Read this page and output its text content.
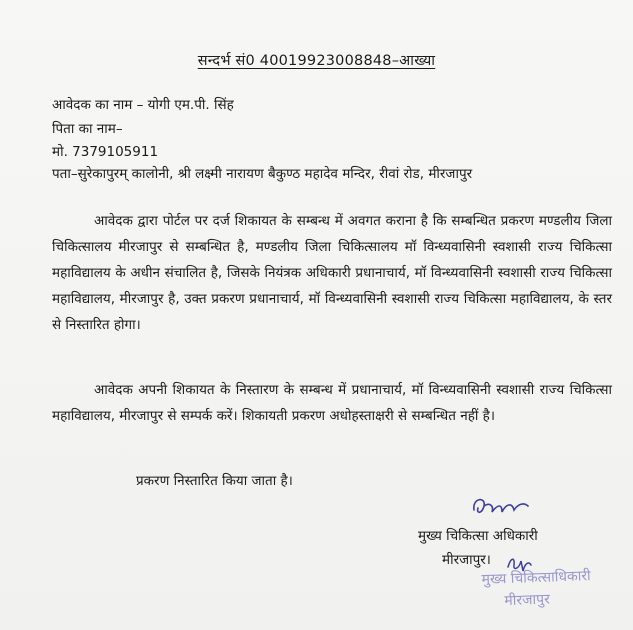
सन्दर्भ सं0 40019923008848–आख्या
आवेदक का नाम – योगी एम.पी. सिंह
पिता का नाम–
मो. 7379105911
पता–सुरेकापुरम् कालोनी, श्री लक्ष्मी नारायण बैकुण्ठ महादेव मन्दिर, रीवां रोड, मीरजापुर
आवेदक द्वारा पोर्टल पर दर्ज शिकायत के सम्बन्ध में अवगत कराना है कि सम्बन्धित प्रकरण मण्डलीय जिला चिकित्सालय मीरजापुर से सम्बन्धित है, मण्डलीय जिला चिकित्सालय मॉ विन्ध्यवासिनी स्वशासी राज्य चिकित्सा महाविद्यालय के अधीन संचालित है, जिसके नियंत्रक अधिकारी प्रधानाचार्य, मॉ विन्ध्यवासिनी स्वशासी राज्य चिकित्सा महाविद्यालय, मीरजापुर है, उक्त प्रकरण प्रधानाचार्य, मॉ विन्ध्यवासिनी स्वशासी राज्य चिकित्सा महाविद्यालय, के स्तर से निस्तारित होगा।
आवेदक अपनी शिकायत के निस्तारण के सम्बन्ध में प्रधानाचार्य, मॉ विन्ध्यवासिनी स्वशासी राज्य चिकित्सा महाविद्यालय, मीरजापुर से सम्पर्क करें। शिकायती प्रकरण अधोहस्ताक्षरी से सम्बन्धित नहीं है।
प्रकरण निस्तारित किया जाता है।
मुख्य चिकित्सा अधिकारी
मीरजापुर।
मुख्य चिकित्साधिकारी
मीरजापुर
